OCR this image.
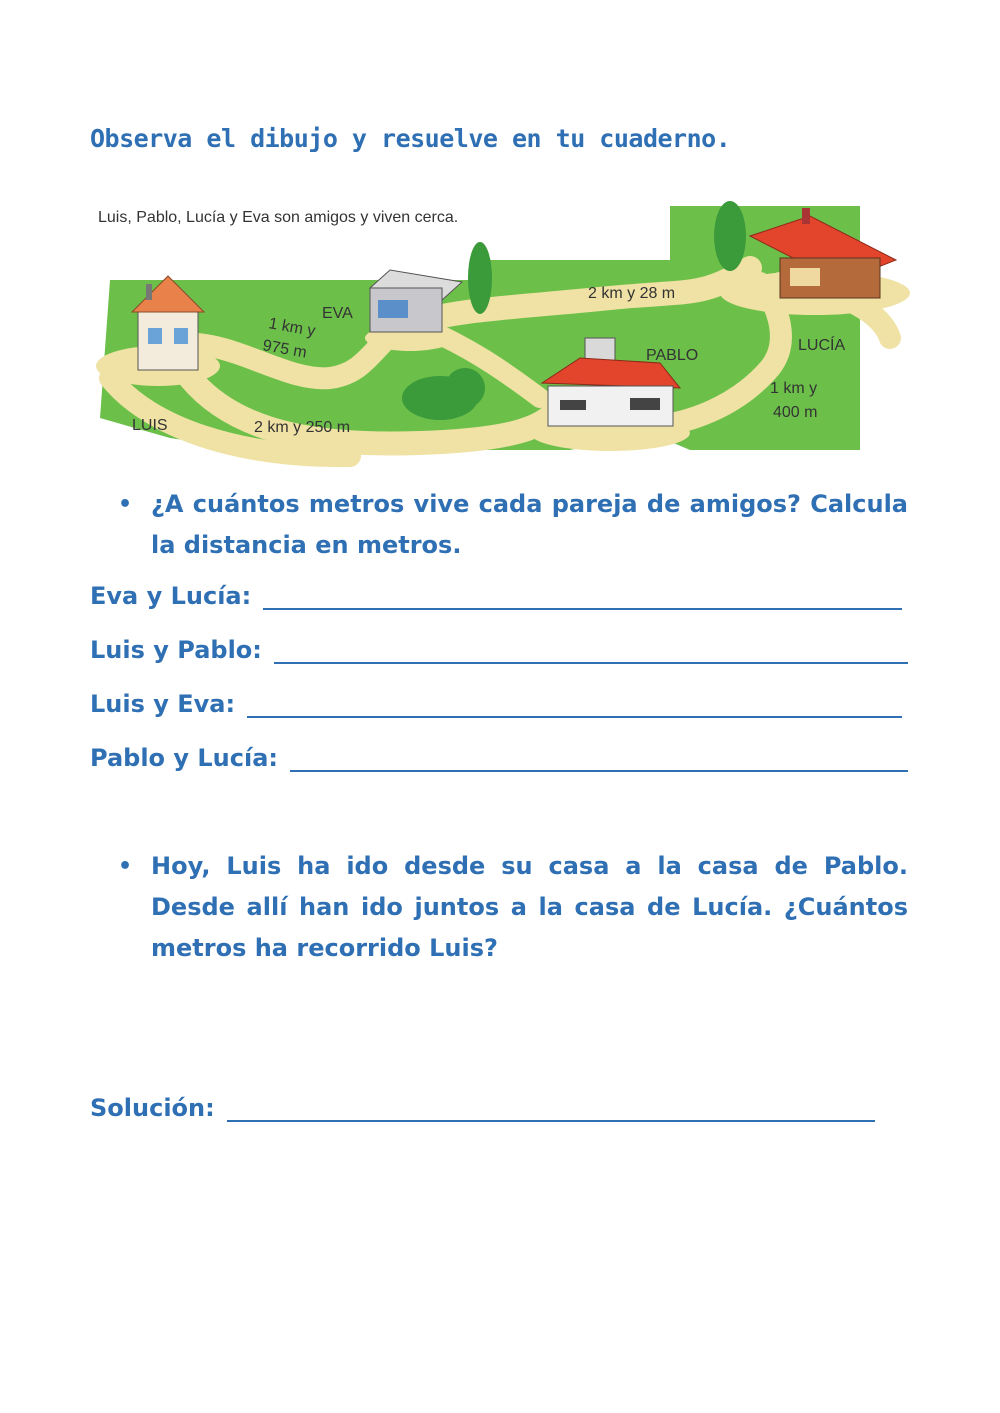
Observa el dibujo y resuelve en tu cuaderno.
Luis, Pablo, Lucía y Eva son amigos y viven cerca.
LUIS
EVA
PABLO
LUCÍA
1 km y
975 m
2 km y 28 m
2 km y 250 m
1 km y
400 m
• ¿A cuántos metros vive cada pareja de amigos? Calcula la distancia en metros.
Eva y Lucía:
Luis y Pablo:
Luis y Eva:
Pablo y Lucía:
• Hoy, Luis ha ido desde su casa a la casa de Pablo. Desde allí han ido juntos a la casa de Lucía. ¿Cuántos metros ha recorrido Luis?
Solución:
